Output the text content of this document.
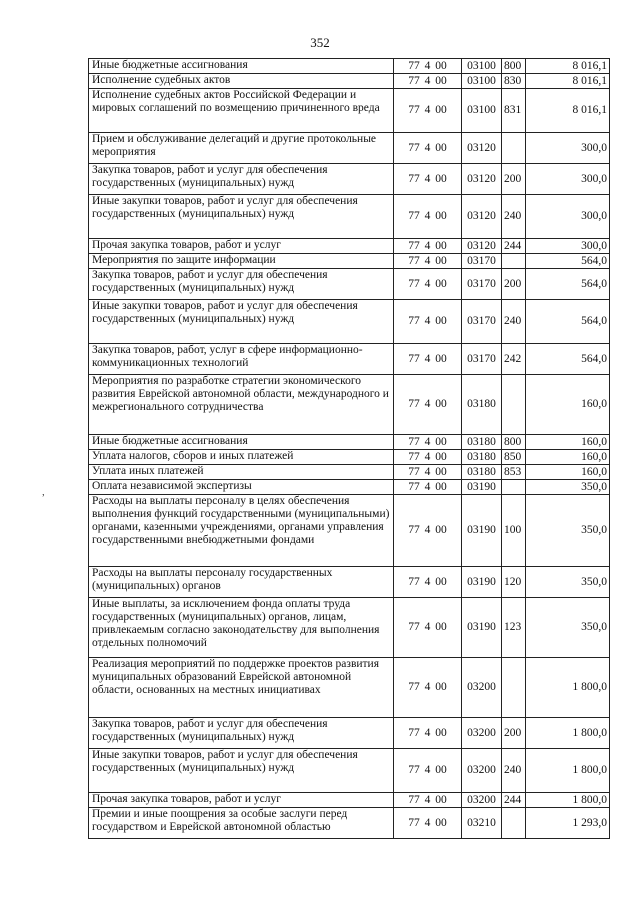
352
,
Иные бюджетные ассигнования	77 4 00	03100	800	8 016,1
Исполнение судебных актов	77 4 00	03100	830	8 016,1
Исполнение судебных актов Российской Федерации и мировых соглашений по возмещению причиненного вреда	77 4 00	03100	831	8 016,1
Прием и обслуживание делегаций и другие протокольные мероприятия	77 4 00	03120		300,0
Закупка товаров, работ и услуг для обеспечения государственных (муниципальных) нужд	77 4 00	03120	200	300,0
Иные закупки товаров, работ и услуг для обеспечения государственных (муниципальных) нужд	77 4 00	03120	240	300,0
Прочая закупка товаров, работ и услуг	77 4 00	03120	244	300,0
Мероприятия по защите информации	77 4 00	03170		564,0
Закупка товаров, работ и услуг для обеспечения государственных (муниципальных) нужд	77 4 00	03170	200	564,0
Иные закупки товаров, работ и услуг для обеспечения государственных (муниципальных) нужд	77 4 00	03170	240	564,0
Закупка товаров, работ, услуг в сфере информационно-коммуникационных технологий	77 4 00	03170	242	564,0
Мероприятия по разработке стратегии экономического развития Еврейской автономной области, международного и межрегионального сотрудничества	77 4 00	03180		160,0
Иные бюджетные ассигнования	77 4 00	03180	800	160,0
Уплата налогов, сборов и иных платежей	77 4 00	03180	850	160,0
Уплата иных платежей	77 4 00	03180	853	160,0
Оплата независимой экспертизы	77 4 00	03190		350,0
Расходы на выплаты персоналу в целях обеспечения выполнения функций государственными (муниципальными) органами, казенными учреждениями, органами управления государственными внебюджетными фондами	77 4 00	03190	100	350,0
Расходы на выплаты персоналу государственных (муниципальных) органов	77 4 00	03190	120	350,0
Иные выплаты, за исключением фонда оплаты труда государственных (муниципальных) органов, лицам, привлекаемым согласно законодательству для выполнения отдельных полномочий	77 4 00	03190	123	350,0
Реализация мероприятий по поддержке проектов развития муниципальных образований Еврейской автономной области, основанных на местных инициативах	77 4 00	03200		1 800,0
Закупка товаров, работ и услуг для обеспечения государственных (муниципальных) нужд	77 4 00	03200	200	1 800,0
Иные закупки товаров, работ и услуг для обеспечения государственных (муниципальных) нужд	77 4 00	03200	240	1 800,0
Прочая закупка товаров, работ и услуг	77 4 00	03200	244	1 800,0
Премии и иные поощрения за особые заслуги перед государством и Еврейской автономной областью	77 4 00	03210		1 293,0
